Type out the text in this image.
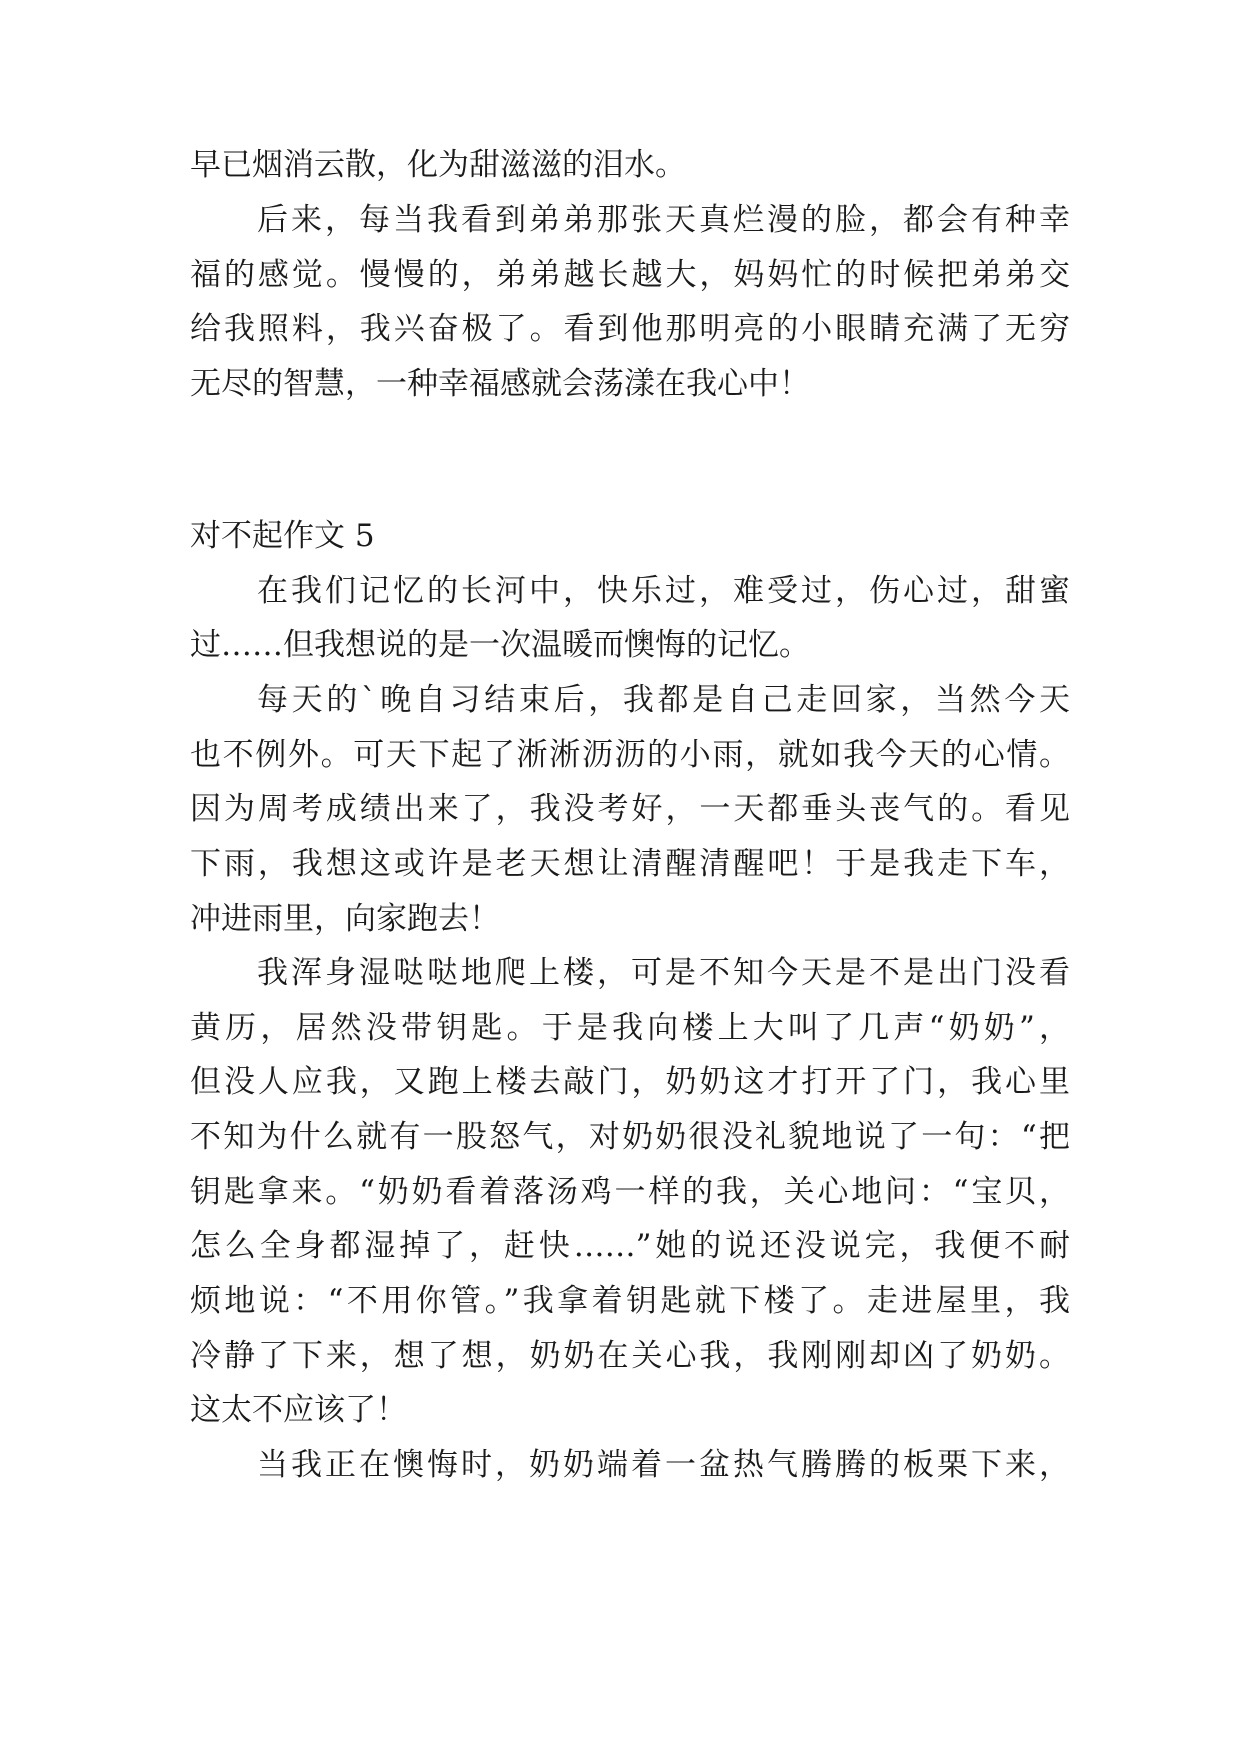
早已烟消云散，化为甜滋滋的泪水。
后来，每当我看到弟弟那张天真烂漫的脸，都会有种幸
福的感觉。慢慢的，弟弟越长越大，妈妈忙的时候把弟弟交
给我照料，我兴奋极了。看到他那明亮的小眼睛充满了无穷
无尽的智慧，一种幸福感就会荡漾在我心中！
对不起作文 5
在我们记忆的长河中，快乐过，难受过，伤心过，甜蜜
过……但我想说的是一次温暖而懊悔的记忆。
每天的`晚自习结束后，我都是自己走回家，当然今天
也不例外。可天下起了淅淅沥沥的小雨，就如我今天的心情。
因为周考成绩出来了，我没考好，一天都垂头丧气的。看见
下雨，我想这或许是老天想让清醒清醒吧！于是我走下车，
冲进雨里，向家跑去！
我浑身湿哒哒地爬上楼，可是不知今天是不是出门没看
黄历，居然没带钥匙。于是我向楼上大叫了几声“奶奶”，
但没人应我，又跑上楼去敲门，奶奶这才打开了门，我心里
不知为什么就有一股怒气，对奶奶很没礼貌地说了一句：“把
钥匙拿来。“奶奶看着落汤鸡一样的我，关心地问：“宝贝，
怎么全身都湿掉了，赶快……”她的说还没说完，我便不耐
烦地说：“不用你管。”我拿着钥匙就下楼了。走进屋里，我
冷静了下来，想了想，奶奶在关心我，我刚刚却凶了奶奶。
这太不应该了！
当我正在懊悔时，奶奶端着一盆热气腾腾的板栗下来，
